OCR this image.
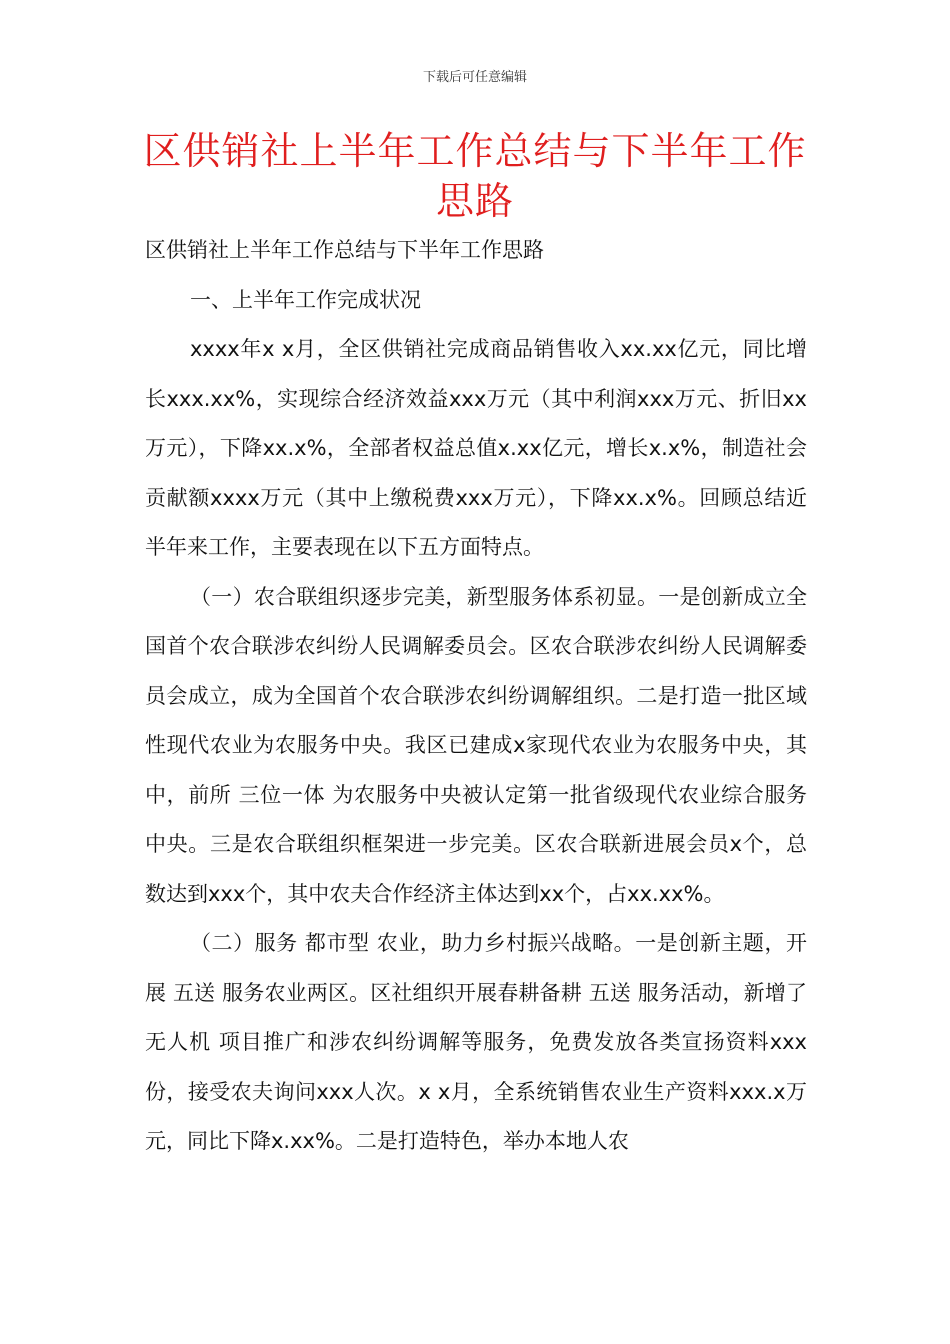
下载后可任意编辑
区供销社上半年工作总结与下半年工作思路

区供销社上半年工作总结与下半年工作思路

一、上半年工作完成状况

xxxx年x x月，全区供销社完成商品销售收入xx.xx亿元，同比增长xxx.xx%，实现综合经济效益xxx万元（其中利润xxx万元、折旧xx万元），下降xx.x%，全部者权益总值x.xx亿元，增长x.x%，制造社会贡献额xxxx万元（其中上缴税费xxx万元），下降xx.x%。回顾总结近半年来工作，主要表现在以下五方面特点。

（一）农合联组织逐步完美，新型服务体系初显。一是创新成立全国首个农合联涉农纠纷人民调解委员会。区农合联涉农纠纷人民调解委员会成立，成为全国首个农合联涉农纠纷调解组织。二是打造一批区域性现代农业为农服务中央。我区已建成x家现代农业为农服务中央，其中，前所 三位一体 为农服务中央被认定第一批省级现代农业综合服务中央。三是农合联组织框架进一步完美。区农合联新进展会员x个，总数达到xxx个，其中农夫合作经济主体达到xx个，占xx.xx%。

（二）服务 都市型 农业，助力乡村振兴战略。一是创新主题，开展 五送 服务农业两区。区社组织开展春耕备耕 五送 服务活动，新增了 无人机 项目推广和涉农纠纷调解等服务，免费发放各类宣扬资料xxx份，接受农夫询问xxx人次。x x月，全系统销售农业生产资料xxx.x万元，同比下降x.xx%。二是打造特色，举办本地人农
